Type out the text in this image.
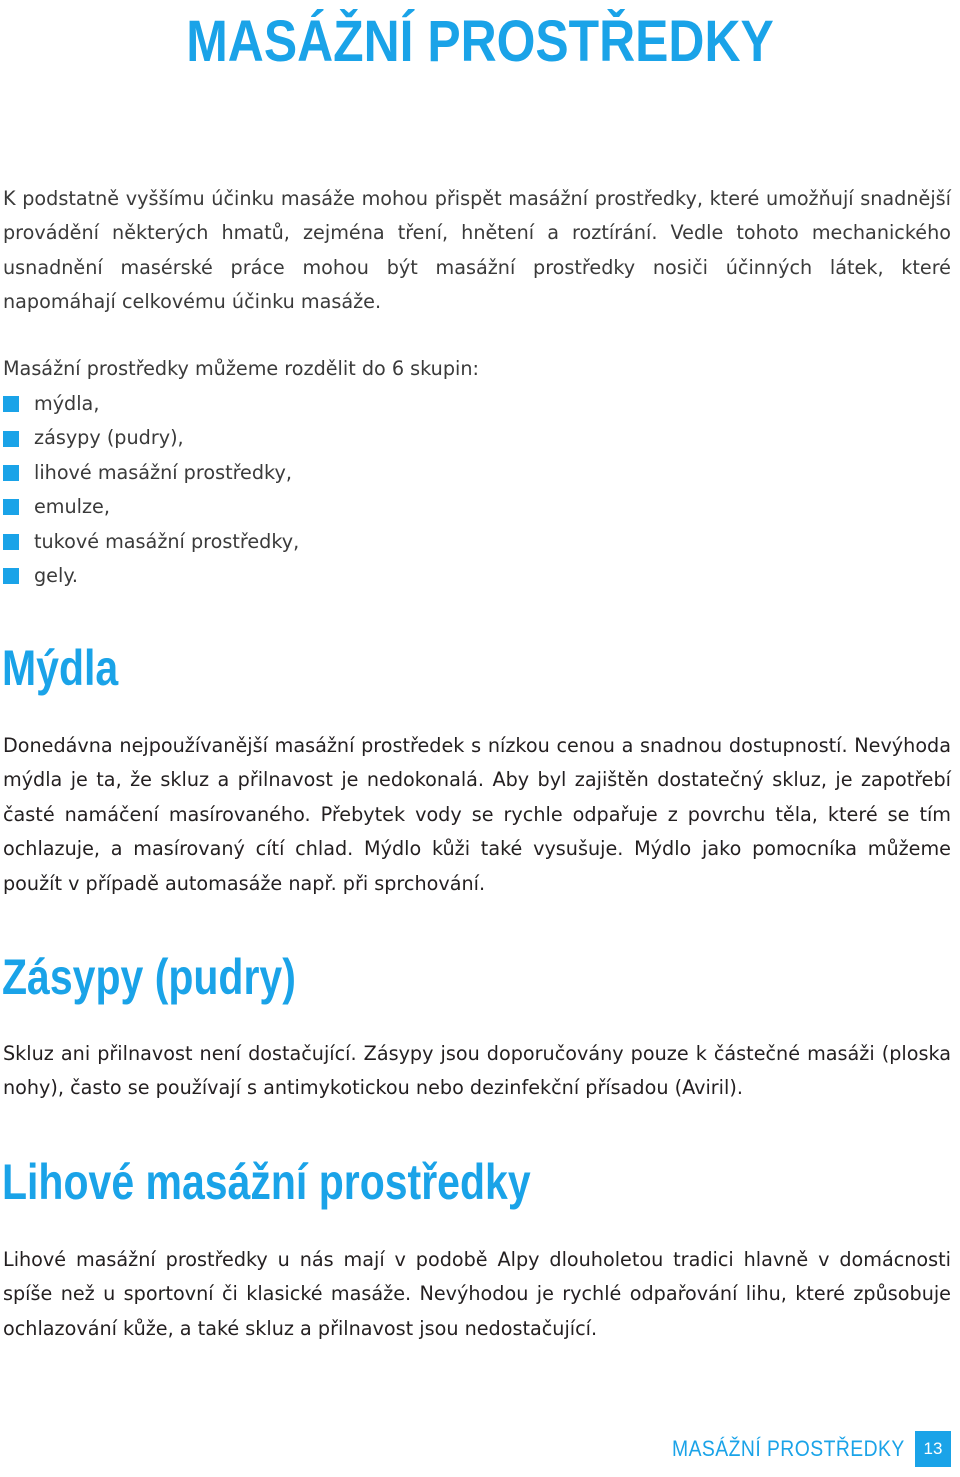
MASÁŽNÍ PROSTŘEDKY

K podstatně vyššímu účinku masáže mohou přispět masážní prostředky, které umožňují snadnější provádění některých hmatů, zejména tření, hnětení a roztírání. Vedle tohoto mechanického usnadnění masérské práce mohou být masážní prostředky nosiči účinných látek, které napomáhají celkovému účinku masáže.

Masážní prostředky můžeme rozdělit do 6 skupin:
mýdla,
zásypy (pudry),
lihové masážní prostředky,
emulze,
tukové masážní prostředky,
gely.
Mýdla

Donedávna nejpoužívanější masážní prostředek s nízkou cenou a snadnou dostupností. Nevýhoda mýdla je ta, že skluz a přilnavost je nedokonalá. Aby byl zajištěn dostatečný skluz, je zapotřebí časté namáčení masírovaného. Přebytek vody se rychle odpařuje z povrchu těla, které se tím ochlazuje, a masírovaný cítí chlad. Mýdlo kůži také vysušuje. Mýdlo jako pomocníka můžeme použít v případě automasáže např. při sprchování.

Zásypy (pudry)

Skluz ani přilnavost není dostačující. Zásypy jsou doporučovány pouze k částečné masáži (ploska nohy), často se používají s antimykotickou nebo dezinfekční přísadou (Aviril).

Lihové masážní prostředky

Lihové masážní prostředky u nás mají v podobě Alpy dlouholetou tradici hlavně v domácnosti spíše než u sportovní či klasické masáže. Nevýhodou je rychlé odpařování lihu, které způsobuje ochlazování kůže, a také skluz a přilnavost jsou nedostačující.

MASÁŽNÍ PROSTŘEDKY	13
